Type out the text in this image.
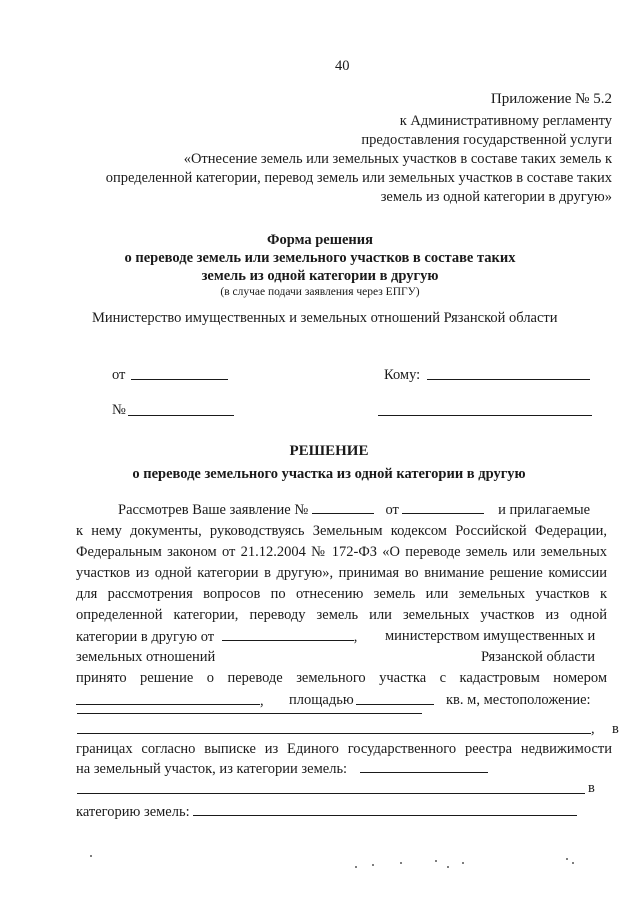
40
Приложение № 5.2
к Административному регламенту
предоставления государственной услуги
«Отнесение земель или земельных участков в составе таких земель к
определенной категории, перевод земель или земельных участков в составе таких
земель из одной категории в другую»
Форма решения
о переводе земель или земельного участков в составе таких
земель из одной категории в другую
(в случае подачи заявления через ЕПГУ)
Министерство имущественных и земельных отношений Рязанской области
от	Кому:
№
РЕШЕНИЕ
о переводе земельного участка из одной категории в другую
Рассмотрев Ваше заявление №	от	и прилагаемые
к нему документы, руководствуясь Земельным кодексом Российской Федерации,
Федеральным законом от 21.12.2004 № 172-ФЗ «О переводе земель или земельных
участков из одной категории в другую», принимая во внимание решение комиссии
для рассмотрения вопросов по отнесению земель или земельных участков к
определенной категории, переводу земель или земельных участков из одной
категории в другую от	, министерством имущественных и
земельных отношений	Рязанской области
принято решение о переводе земельного участка с кадастровым номером
, площадью	кв. м, местоположение:
, в
границах согласно выписке из Единого государственного реестра недвижимости
на земельный участок, из категории земель:
в
категорию земель:
